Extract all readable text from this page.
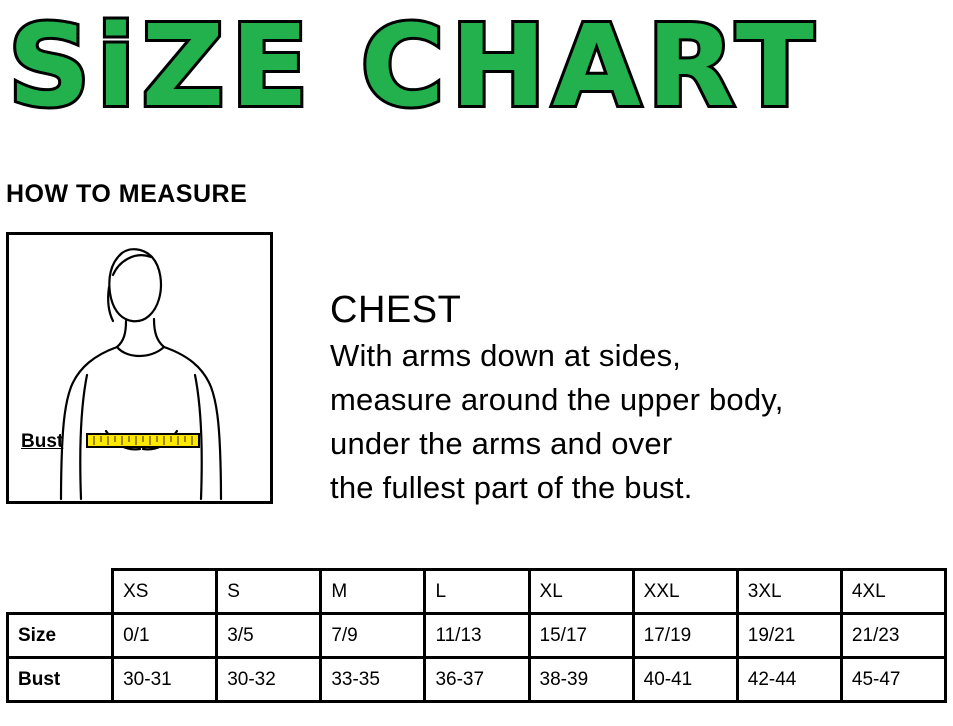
SiZE CHART
HOW TO MEASURE
Bust
CHEST
With arms down at sides,
measure around the upper body,
under the arms and over
the fullest part of the bust.
	XS	S	M	L	XL	XXL	3XL	4XL
Size	0/1	3/5	7/9	11/13	15/17	17/19	19/21	21/23
Bust	30-31	30-32	33-35	36-37	38-39	40-41	42-44	45-47
